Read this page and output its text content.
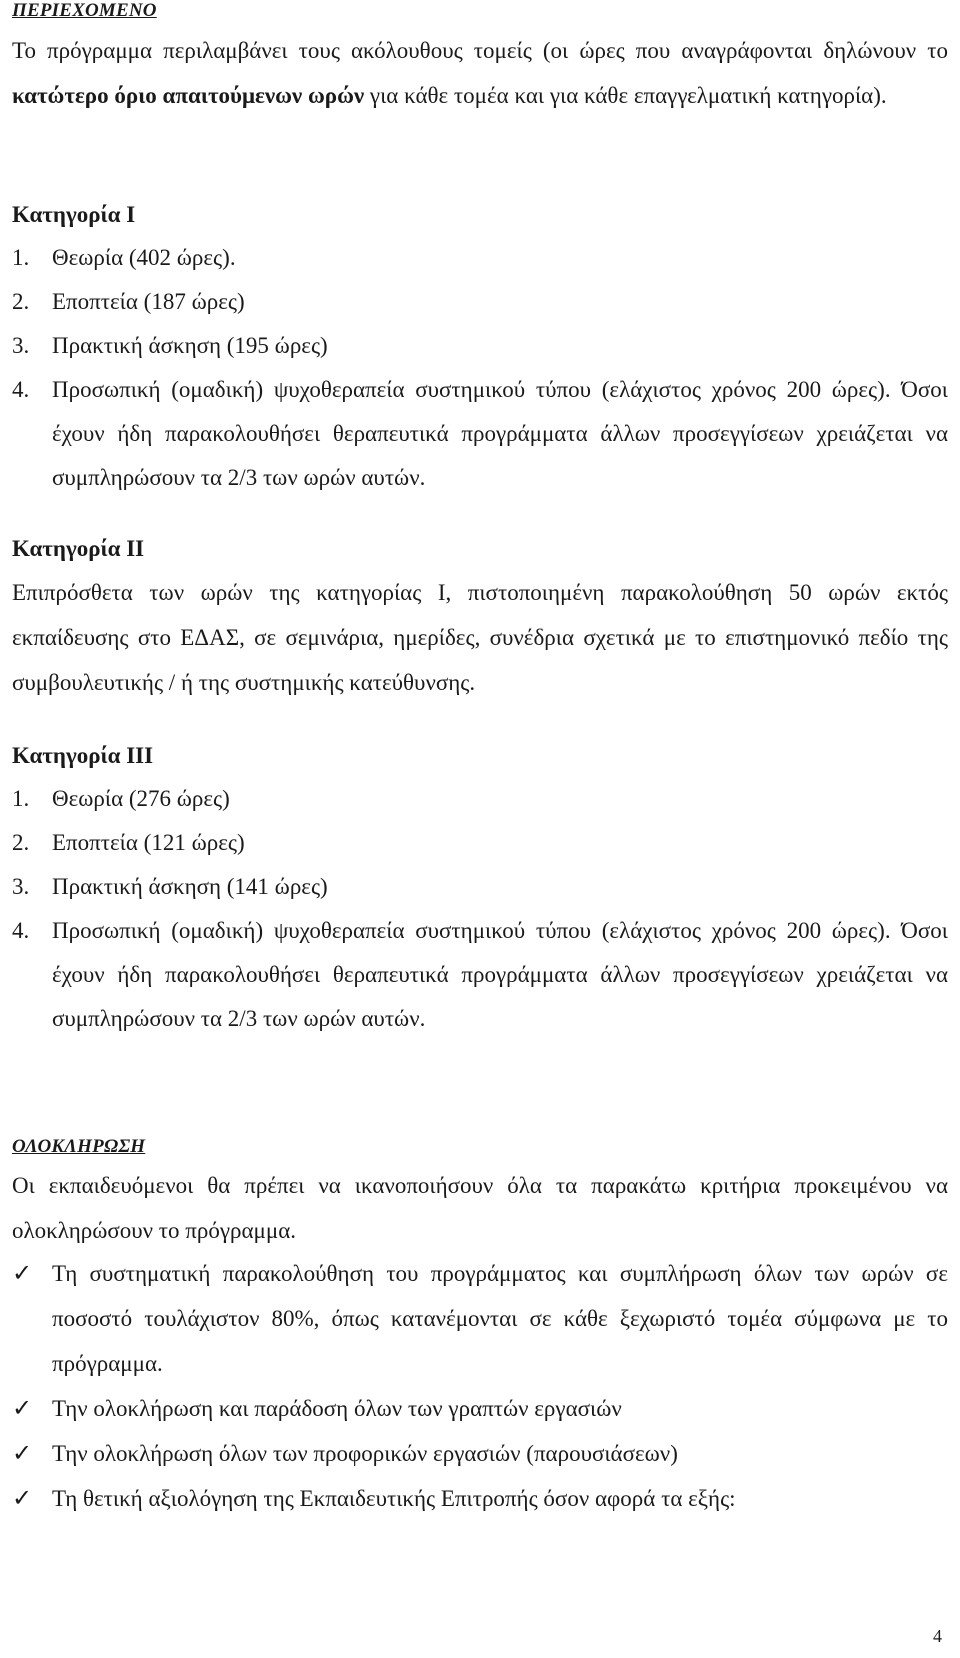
ΠΕΡΙΕΧΟΜΕΝΟ
Το πρόγραμμα περιλαμβάνει τους ακόλουθους τομείς (οι ώρες που αναγράφονται δηλώνουν το κατώτερο όριο απαιτούμενων ωρών για κάθε τομέα και για κάθε επαγγελματική κατηγορία).
Κατηγορία Ι
1. Θεωρία (402 ώρες).
2. Εποπτεία (187 ώρες)
3. Πρακτική άσκηση (195 ώρες)
4. Προσωπική (ομαδική) ψυχοθεραπεία συστημικού τύπου (ελάχιστος χρόνος 200 ώρες). Όσοι έχουν ήδη παρακολουθήσει θεραπευτικά προγράμματα άλλων προσεγγίσεων χρειάζεται να συμπληρώσουν τα 2/3 των ωρών αυτών.
Κατηγορία ΙΙ
Επιπρόσθετα των ωρών της κατηγορίας Ι, πιστοποιημένη παρακολούθηση 50 ωρών εκτός εκπαίδευσης στο ΕΔΑΣ, σε σεμινάρια, ημερίδες, συνέδρια σχετικά με το επιστημονικό πεδίο της συμβουλευτικής / ή της συστημικής κατεύθυνσης.
Κατηγορία ΙΙΙ
1. Θεωρία (276 ώρες)
2. Εποπτεία (121 ώρες)
3. Πρακτική άσκηση (141 ώρες)
4. Προσωπική (ομαδική) ψυχοθεραπεία συστημικού τύπου (ελάχιστος χρόνος 200 ώρες). Όσοι έχουν ήδη παρακολουθήσει θεραπευτικά προγράμματα άλλων προσεγγίσεων χρειάζεται να συμπληρώσουν τα 2/3 των ωρών αυτών.
ΟΛΟΚΛΗΡΩΣΗ
Οι εκπαιδευόμενοι θα πρέπει να ικανοποιήσουν όλα τα παρακάτω κριτήρια προκειμένου να ολοκληρώσουν το πρόγραμμα.
✓ Τη συστηματική παρακολούθηση του προγράμματος και συμπλήρωση όλων των ωρών σε ποσοστό τουλάχιστον 80%, όπως κατανέμονται σε κάθε ξεχωριστό τομέα σύμφωνα με το πρόγραμμα.
✓ Την ολοκλήρωση και παράδοση όλων των γραπτών εργασιών
✓ Την ολοκλήρωση όλων των προφορικών εργασιών (παρουσιάσεων)
✓ Τη θετική αξιολόγηση της Εκπαιδευτικής Επιτροπής όσον αφορά τα εξής:
4
